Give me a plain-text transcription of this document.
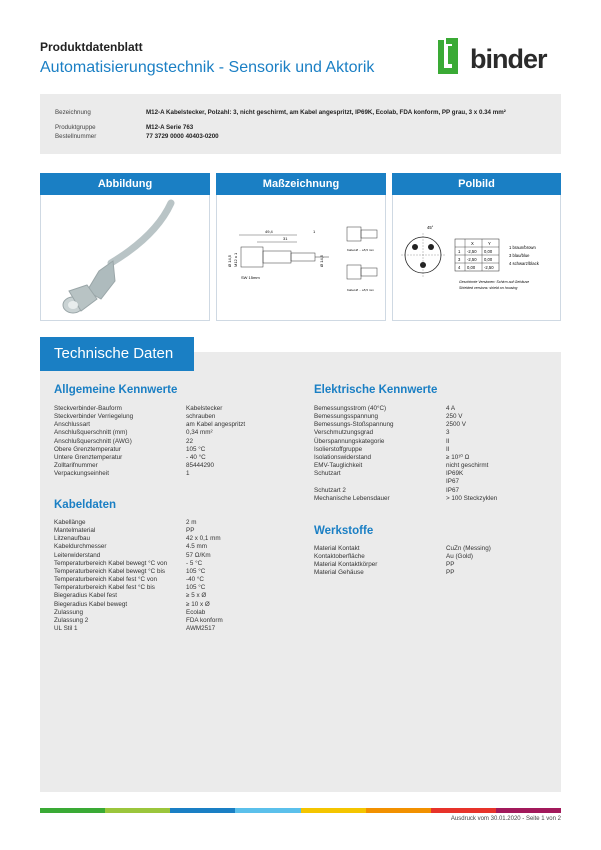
Produktdatenblatt
Automatisierungstechnik - Sensorik und Aktorik	binder
Bezeichnung	M12-A Kabelstecker, Polzahl: 3, nicht geschirmt, am Kabel angespritzt, IP69K, Ecolab, FDA konform, PP grau, 3 x 0.34 mm²
Produktgruppe	M12-A Serie 763
Bestellnummer	77 3729 0000 40403-0200
Abbildung	Maßzeichnung	Polbild
49,4
31
1
Ø 14,5 M12 x 1	Ø 14,5
SW 15mm
Kabel-Ø ... ≤5,5 mm
Kabel-Ø ... ≤5,5 mm
45°
X	Y
1 -2,50 0,00
3 -2,50 0,00
4 0,00 -2,50
1 braun/brown
3 blau/blue
4 schwarz/black
Geschirmte Versionen: Schirm auf Gehäuse
Shielded versions: shield on housing
Technische Daten
Allgemeine Kennwerte
Steckverbinder-Bauform	Kabelstecker
Steckverbinder Verriegelung	schrauben
Anschlussart	am Kabel angespritzt
Anschlußquerschnitt (mm)	0,34 mm²
Anschlußquerschnitt (AWG)	22
Obere Grenztemperatur	105 °C
Untere Grenztemperatur	- 40 °C
Zolltarifnummer	85444290
Verpackungseinheit	1
Kabeldaten
Kabellänge	2 m
Mantelmaterial	PP
Litzenaufbau	42 x 0,1 mm
Kabeldurchmesser	4.5 mm
Leiterwiderstand	57 Ω/Km
Temperaturbereich Kabel bewegt °C von	- 5 °C
Temperaturbereich Kabel bewegt °C bis	105 °C
Temperaturbereich Kabel fest °C von	-40 °C
Temperaturbereich Kabel fest °C bis	105 °C
Biegeradius Kabel fest	≥ 5 x Ø
Biegeradius Kabel bewegt	≥ 10 x Ø
Zulassung	Ecolab
Zulassung 2	FDA konform
UL Stil 1	AWM2517
Elektrische Kennwerte
Bemessungsstrom (40°C)	4 A
Bemessungsspannung	250 V
Bemessungs-Stoßspannung	2500 V
Verschmutzungsgrad	3
Überspannungskategorie	II
Isolierstoffgruppe	II
Isolationswiderstand	≥ 10¹⁰ Ω
EMV-Tauglichkeit	nicht geschirmt
Schutzart	IP69K
IP67
Schutzart 2	IP67
Mechanische Lebensdauer	> 100 Steckzyklen
Werkstoffe
Material Kontakt	CuZn (Messing)
Kontaktoberfläche	Au (Gold)
Material Kontaktkörper	PP
Material Gehäuse	PP
Ausdruck vom 30.01.2020 - Seite 1 von 2
